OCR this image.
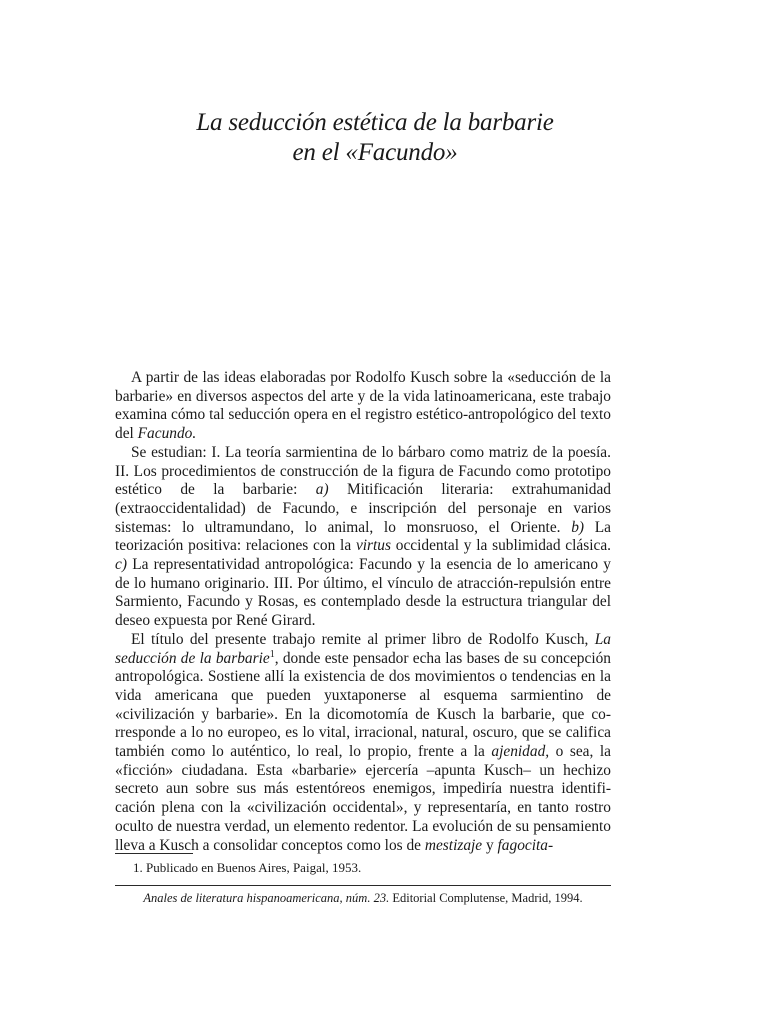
La seducción estética de la barbarie
en el «Facundo»

A partir de las ideas elaboradas por Rodolfo Kusch sobre la «seducción de la barbarie» en diversos aspectos del arte y de la vida latinoamericana, este trabajo examina cómo tal seducción opera en el registro estético-antropológico del texto del Facundo.

Se estudian: I. La teoría sarmientina de lo bárbaro como matriz de la poesía. II. Los procedimientos de construcción de la figura de Facundo como prototipo estético de la barbarie: a) Mitificación literaria: extrahumanidad (extraoccidentalidad) de Facundo, e inscripción del personaje en varios sistemas: lo ultramundano, lo animal, lo monsruoso, el Oriente. b) La teorización positiva: relaciones con la virtus occidental y la sublimidad clásica. c) La representatividad antropológica: Facundo y la esencia de lo americano y de lo humano originario. III. Por último, el vínculo de atracción-repulsión entre Sarmiento, Facundo y Rosas, es contemplado desde la estructura triangular del deseo expuesta por René Girard.

El título del presente trabajo remite al primer libro de Rodolfo Kusch, La seducción de la barbarie$^1$, donde este pensador echa las bases de su concepción antropológica. Sostiene allí la existencia de dos movimientos o tendencias en la vida americana que pueden yuxtaponerse al esquema sarmientino de «civilización y barbarie». En la dicomotomía de Kusch la barbarie, que corresponde a lo no europeo, es lo vital, irracional, natural, oscuro, que se califica también como lo auténtico, lo real, lo propio, frente a la ajenidad, o sea, la «ficción» ciudadana. Esta «barbarie» ejercería –apunta Kusch– un hechizo secreto aun sobre sus más estentóreos enemigos, impediría nuestra identificación plena con la «civilización occidental», y representaría, en tanto rostro oculto de nuestra verdad, un elemento redentor. La evolución de su pensamiento lleva a Kusch a consolidar conceptos como los de mestizaje y fagocita-

1. Publicado en Buenos Aires, Paigal, 1953.
Anales de literatura hispanoamericana, núm. 23. Editorial Complutense, Madrid, 1994.
